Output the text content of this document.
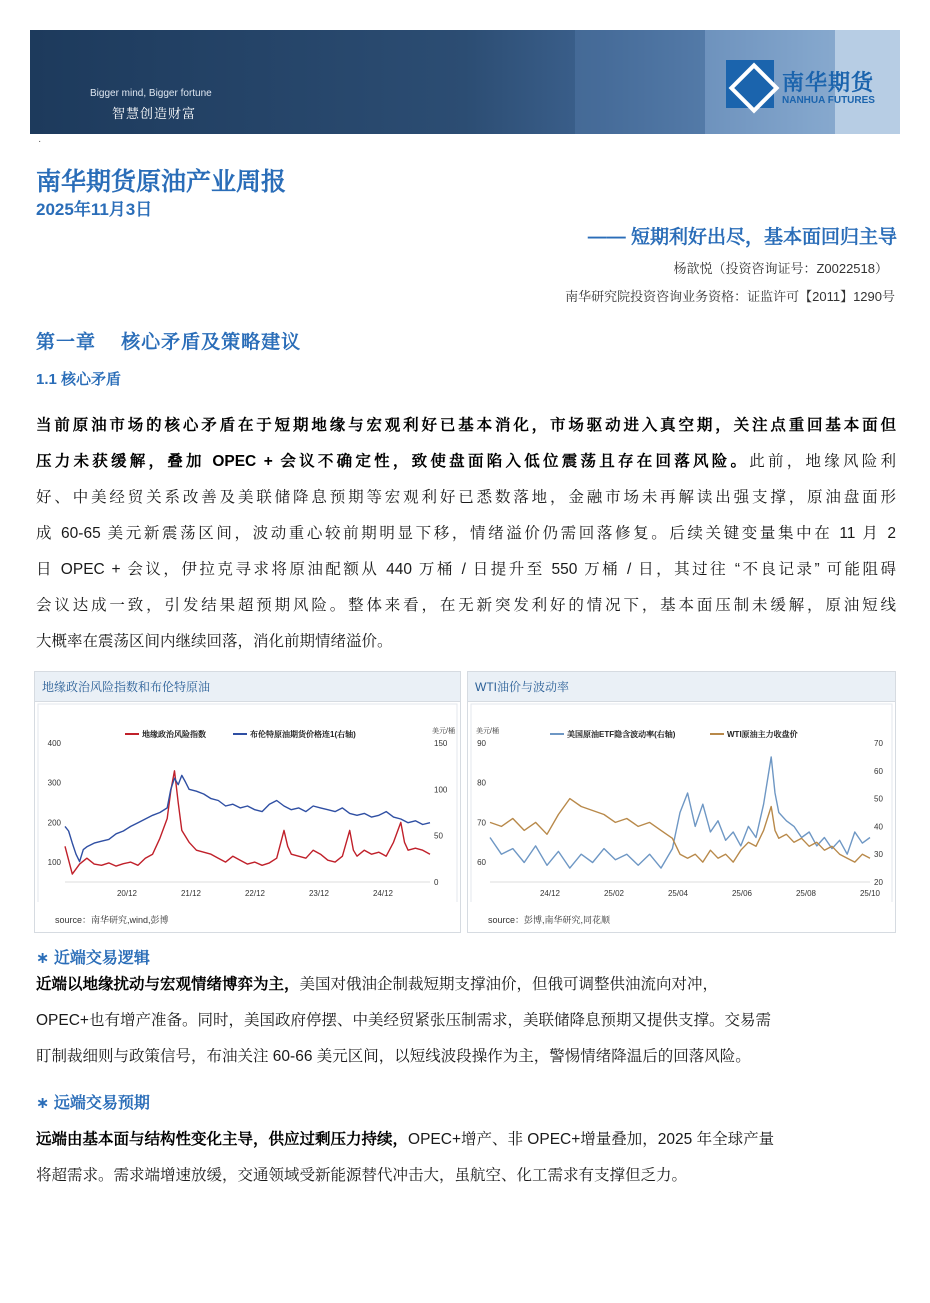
Bigger mind, Bigger fortune
智慧创造财富
南华期货
NANHUA FUTURES
·
南华期货原油产业周报
2025年11月3日
—— 短期利好出尽，基本面回归主导
杨歆悦（投资咨询证号：Z0022518）
南华研究院投资咨询业务资格：证监许可【2011】1290号
第一章    核心矛盾及策略建议
1.1 核心矛盾
当前原油市场的核心矛盾在于短期地缘与宏观利好已基本消化，市场驱动进入真空期，关注点重回基本面但
压力未获缓解，叠加 OPEC + 会议不确定性，致使盘面陷入低位震荡且存在回落风险。此前，地缘风险利
好、中美经贸关系改善及美联储降息预期等宏观利好已悉数落地，金融市场未再解读出强支撑，原油盘面形
成 60-65 美元新震荡区间，波动重心较前期明显下移，情绪溢价仍需回落修复。后续关键变量集中在 11 月 2
日 OPEC + 会议，伊拉克寻求将原油配额从 440 万桶 / 日提升至 550 万桶 / 日，其过往 “不良记录” 可能阻碍
会议达成一致，引发结果超预期风险。整体来看，在无新突发利好的情况下，基本面压制未缓解，原油短线
大概率在震荡区间内继续回落，消化前期情绪溢价。
地缘政治风险指数和布伦特原油
地缘政治风险指数	布伦特原油期货价格连1(右轴)	美元/桶
400
300
200
100
150
100
50
0
20/12	21/12	22/12	23/12	24/12
source：南华研究,wind,彭博
WTI油价与波动率
美国原油ETF隐含波动率(右轴)	WTI原油主力收盘价
美元/桶
90
80
70
60
70
60
50
40
30
20
24/12	25/02	25/04	25/06	25/08	25/10
source：彭博,南华研究,同花顺
∗ 近端交易逻辑
近端以地缘扰动与宏观情绪博弈为主，美国对俄油企制裁短期支撑油价，但俄可调整供油流向对冲，
OPEC+也有增产准备。同时，美国政府停摆、中美经贸紧张压制需求，美联储降息预期又提供支撑。交易需
盯制裁细则与政策信号，布油关注 60-66 美元区间，以短线波段操作为主，警惕情绪降温后的回落风险。
∗ 远端交易预期
远端由基本面与结构性变化主导，供应过剩压力持续，OPEC+增产、非 OPEC+增量叠加，2025 年全球产量
将超需求。需求端增速放缓，交通领域受新能源替代冲击大，虽航空、化工需求有支撑但乏力。
